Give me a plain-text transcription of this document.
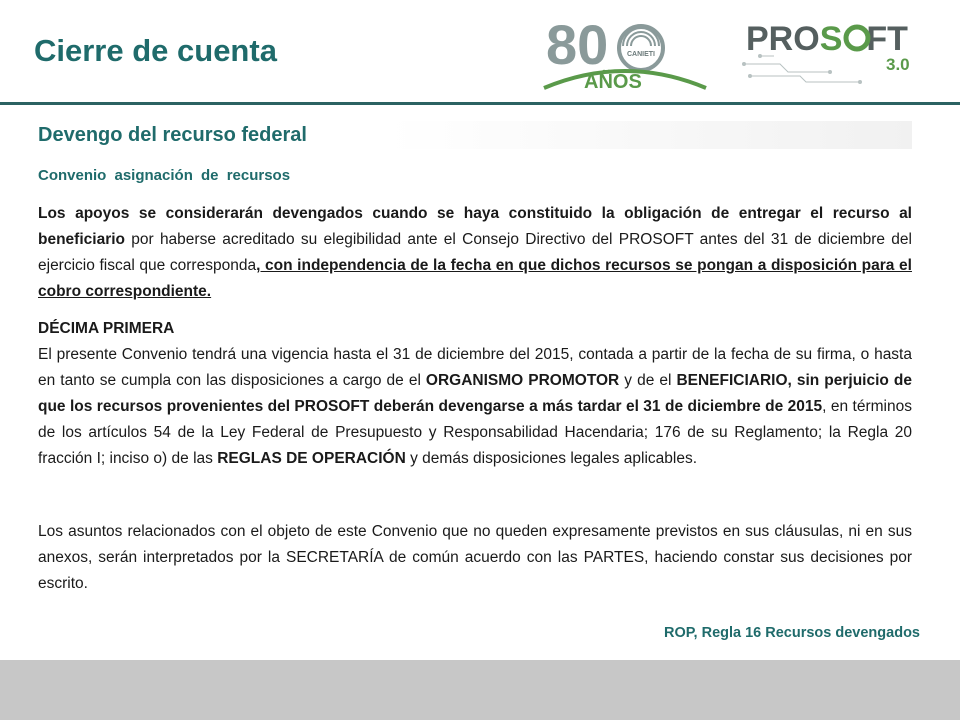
Cierre de cuenta	80	CANIETI
AÑOS
PROS FT
3.0
Devengo del recurso federal
Convenio asignación de recursos
Los apoyos se considerarán devengados cuando se haya constituido la obligación de entregar el recurso al beneficiario por haberse acreditado su elegibilidad ante el Consejo Directivo del PROSOFT antes del 31 de diciembre del ejercicio fiscal que corresponda, con independencia de la fecha en que dichos recursos se pongan a disposición para el cobro correspondiente.
DÉCIMA PRIMERA
El presente Convenio tendrá una vigencia hasta el 31 de diciembre del 2015, contada a partir de la fecha de su firma, o hasta en tanto se cumpla con las disposiciones a cargo de el ORGANISMO PROMOTOR y de el BENEFICIARIO, sin perjuicio de que los recursos provenientes del PROSOFT deberán devengarse a más tardar el 31 de diciembre de 2015, en términos de los artículos 54 de la Ley Federal de Presupuesto y Responsabilidad Hacendaria; 176 de su Reglamento; la Regla 20 fracción I; inciso o) de las REGLAS DE OPERACIÓN y demás disposiciones legales aplicables.
Los asuntos relacionados con el objeto de este Convenio que no queden expresamente previstos en sus cláusulas, ni en sus anexos, serán interpretados por la SECRETARÍA de común acuerdo con las PARTES, haciendo constar sus decisiones por escrito.
ROP, Regla 16 Recursos devengados
